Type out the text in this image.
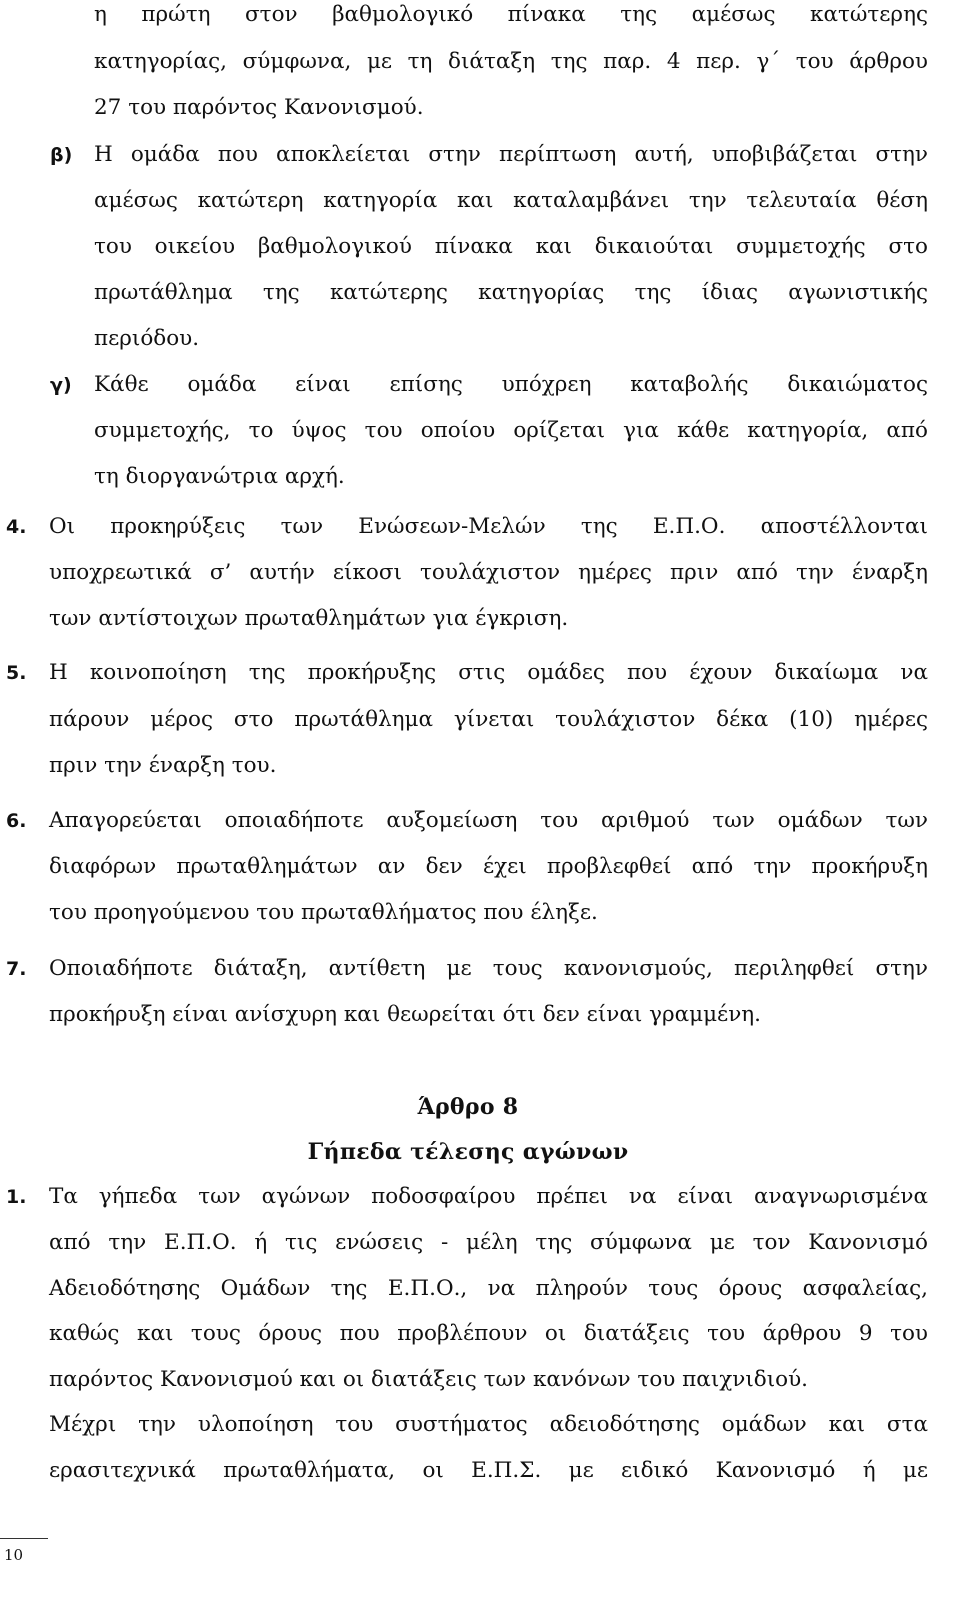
η πρώτη στον βαθμολογικό πίνακα της αμέσως κατώτερης
κατηγορίας, σύμφωνα, με τη διάταξη της παρ. 4 περ. γ΄ του άρθρου
27 του παρόντος Κανονισμού.
β) Η ομάδα που αποκλείεται στην περίπτωση αυτή, υποβιβάζεται στην
αμέσως κατώτερη κατηγορία και καταλαμβάνει την τελευταία θέση
του οικείου βαθμολογικού πίνακα και δικαιούται συμμετοχής στο
πρωτάθλημα της κατώτερης κατηγορίας της ίδιας αγωνιστικής
περιόδου.
γ) Κάθε ομάδα είναι επίσης υπόχρεη καταβολής δικαιώματος
συμμετοχής, το ύψος του οποίου ορίζεται για κάθε κατηγορία, από
τη διοργανώτρια αρχή.
4. Οι προκηρύξεις των Ενώσεων-Μελών της Ε.Π.Ο. αποστέλλονται
υποχρεωτικά σ’ αυτήν είκοσι τουλάχιστον ημέρες πριν από την έναρξη
των αντίστοιχων πρωταθλημάτων για έγκριση.
5. Η κοινοποίηση της προκήρυξης στις ομάδες που έχουν δικαίωμα να
πάρουν μέρος στο πρωτάθλημα γίνεται τουλάχιστον δέκα (10) ημέρες
πριν την έναρξη του.
6. Απαγορεύεται οποιαδήποτε αυξομείωση του αριθμού των ομάδων των
διαφόρων πρωταθλημάτων αν δεν έχει προβλεφθεί από την προκήρυξη
του προηγούμενου του πρωταθλήματος που έληξε.
7. Οποιαδήποτε διάταξη, αντίθετη με τους κανονισμούς, περιληφθεί στην
προκήρυξη είναι ανίσχυρη και θεωρείται ότι δεν είναι γραμμένη.
Άρθρο 8
Γήπεδα τέλεσης αγώνων
1. Τα γήπεδα των αγώνων ποδοσφαίρου πρέπει να είναι αναγνωρισμένα
από την Ε.Π.Ο. ή τις ενώσεις - μέλη της σύμφωνα με τον Κανονισμό
Αδειοδότησης Ομάδων της Ε.Π.Ο., να πληρούν τους όρους ασφαλείας,
καθώς και τους όρους που προβλέπουν οι διατάξεις του άρθρου 9 του
παρόντος Κανονισμού και οι διατάξεις των κανόνων του παιχνιδιού.
Μέχρι την υλοποίηση του συστήματος αδειοδότησης ομάδων και στα
ερασιτεχνικά πρωταθλήματα, οι Ε.Π.Σ. με ειδικό Κανονισμό ή με
10
